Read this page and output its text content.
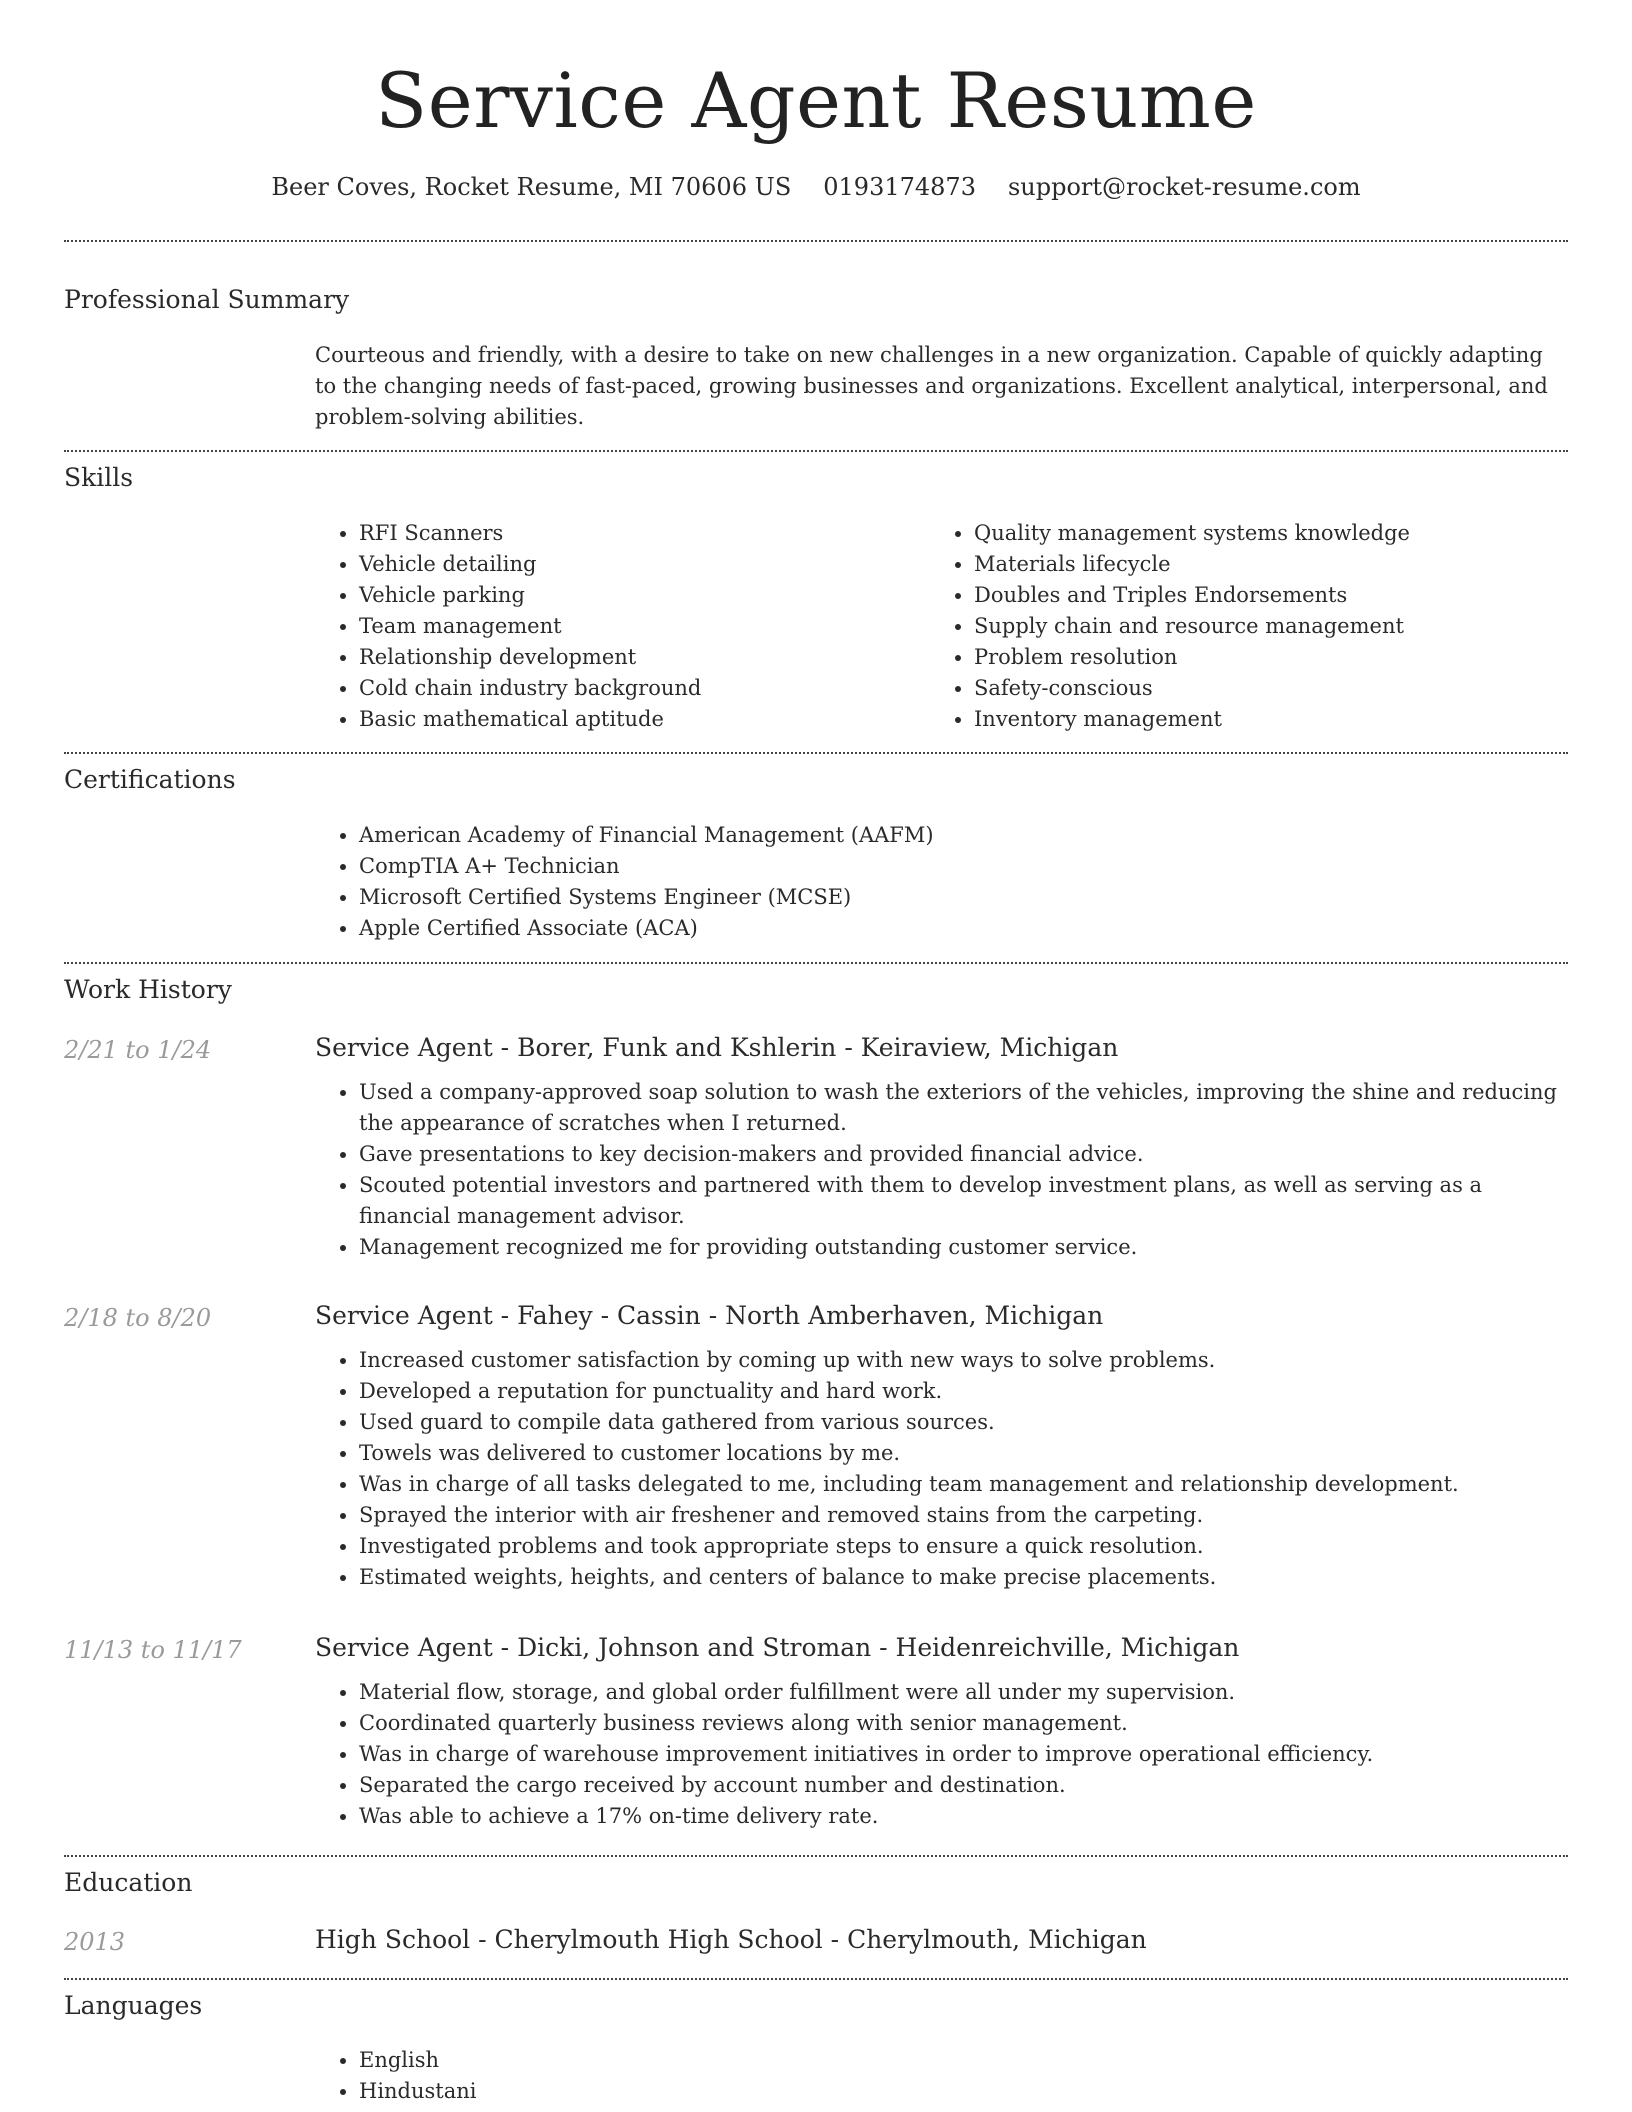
Service Agent Resume
Beer Coves, Rocket Resume, MI 70606 US 0193174873 support@rocket-resume.com
Professional Summary

Courteous and friendly, with a desire to take on new challenges in a new organization. Capable of quickly adapting to the changing needs of fast-paced, growing businesses and organizations. Excellent analytical, interpersonal, and problem-solving abilities.

Skills
• RFI Scanners
• Vehicle detailing
• Vehicle parking
• Team management
• Relationship development
• Cold chain industry background
• Basic mathematical aptitude
• Quality management systems knowledge
• Materials lifecycle
• Doubles and Triples Endorsements
• Supply chain and resource management
• Problem resolution
• Safety-conscious
• Inventory management
Certifications
• American Academy of Financial Management (AAFM)
• CompTIA A+ Technician
• Microsoft Certified Systems Engineer (MCSE)
• Apple Certified Associate (ACA)
Work History
2/21 to 1/24	Service Agent - Borer, Funk and Kshlerin - Keiraview, Michigan
• Used a company-approved soap solution to wash the exteriors of the vehicles, improving the shine and reducing the appearance of scratches when I returned.
• Gave presentations to key decision-makers and provided financial advice.
• Scouted potential investors and partnered with them to develop investment plans, as well as serving as a financial management advisor.
• Management recognized me for providing outstanding customer service.
2/18 to 8/20	Service Agent - Fahey - Cassin - North Amberhaven, Michigan
• Increased customer satisfaction by coming up with new ways to solve problems.
• Developed a reputation for punctuality and hard work.
• Used guard to compile data gathered from various sources.
• Towels was delivered to customer locations by me.
• Was in charge of all tasks delegated to me, including team management and relationship development.
• Sprayed the interior with air freshener and removed stains from the carpeting.
• Investigated problems and took appropriate steps to ensure a quick resolution.
• Estimated weights, heights, and centers of balance to make precise placements.
11/13 to 11/17	Service Agent - Dicki, Johnson and Stroman - Heidenreichville, Michigan
• Material flow, storage, and global order fulfillment were all under my supervision.
• Coordinated quarterly business reviews along with senior management.
• Was in charge of warehouse improvement initiatives in order to improve operational efficiency.
• Separated the cargo received by account number and destination.
• Was able to achieve a 17% on-time delivery rate.
Education
2013	High School - Cherylmouth High School - Cherylmouth, Michigan
Languages
• English
• Hindustani
